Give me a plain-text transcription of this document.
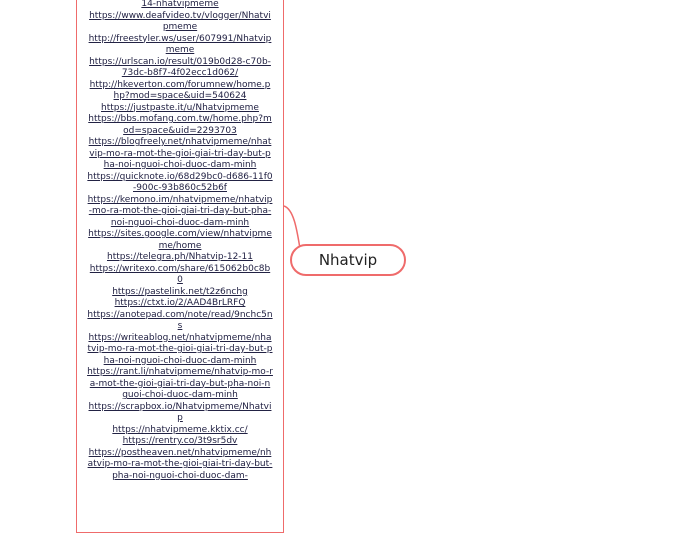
14-nhatvipmeme
https://www.deafvideo.tv/vlogger/Nhatvipmeme
http://freestyler.ws/user/607991/Nhatvipmeme
https://urlscan.io/result/019b0d28-c70b-73dc-b8f7-4f02ecc1d062/
http://hkeverton.com/forumnew/home.php?mod=space&uid=540624
https://justpaste.it/u/Nhatvipmeme
https://bbs.mofang.com.tw/home.php?mod=space&uid=2293703
https://blogfreely.net/nhatvipmeme/nhatvip-mo-ra-mot-the-gioi-giai-tri-day-but-pha-noi-nguoi-choi-duoc-dam-minh
https://quicknote.io/68d29bc0-d686-11f0-900c-93b860c52b6f
https://kemono.im/nhatvipmeme/nhatvip-mo-ra-mot-the-gioi-giai-tri-day-but-pha-noi-nguoi-choi-duoc-dam-minh
https://sites.google.com/view/nhatvipmeme/home
https://telegra.ph/Nhatvip-12-11
https://writexo.com/share/615062b0c8b0
https://pastelink.net/t2z6nchg
https://ctxt.io/2/AAD4BrLRFQ
https://anotepad.com/note/read/9nchc5ns
https://writeablog.net/nhatvipmeme/nhatvip-mo-ra-mot-the-gioi-giai-tri-day-but-pha-noi-nguoi-choi-duoc-dam-minh
https://rant.li/nhatvipmeme/nhatvip-mo-ra-mot-the-gioi-giai-tri-day-but-pha-noi-nguoi-choi-duoc-dam-minh
https://scrapbox.io/Nhatvipmeme/Nhatvip
https://nhatvipmeme.kktix.cc/
https://rentry.co/3t9sr5dv
https://postheaven.net/nhatvipmeme/nhatvip-mo-ra-mot-the-gioi-giai-tri-day-but-pha-noi-nguoi-choi-duoc-dam-
Nhatvip
